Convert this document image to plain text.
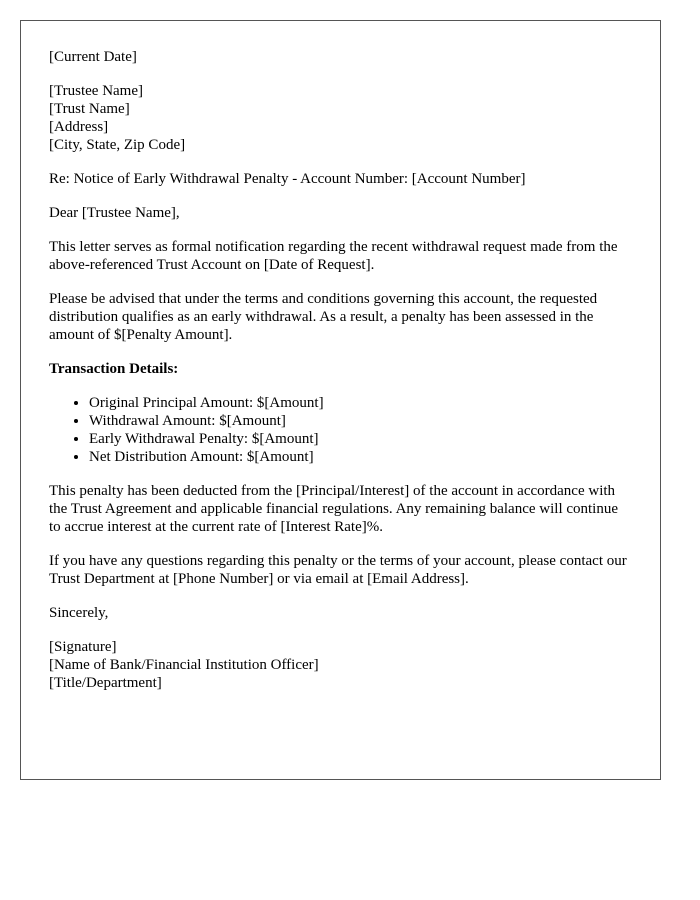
[Current Date]
[Trustee Name]
[Trust Name]
[Address]
[City, State, Zip Code]
Re: Notice of Early Withdrawal Penalty - Account Number: [Account Number]
Dear [Trustee Name],
This letter serves as formal notification regarding the recent withdrawal request made from the above-referenced Trust Account on [Date of Request].
Please be advised that under the terms and conditions governing this account, the requested distribution qualifies as an early withdrawal. As a result, a penalty has been assessed in the amount of $[Penalty Amount].
Transaction Details:
• Original Principal Amount: $[Amount]
• Withdrawal Amount: $[Amount]
• Early Withdrawal Penalty: $[Amount]
• Net Distribution Amount: $[Amount]
This penalty has been deducted from the [Principal/Interest] of the account in accordance with the Trust Agreement and applicable financial regulations. Any remaining balance will continue to accrue interest at the current rate of [Interest Rate]%.
If you have any questions regarding this penalty or the terms of your account, please contact our Trust Department at [Phone Number] or via email at [Email Address].
Sincerely,
[Signature]
[Name of Bank/Financial Institution Officer]
[Title/Department]
